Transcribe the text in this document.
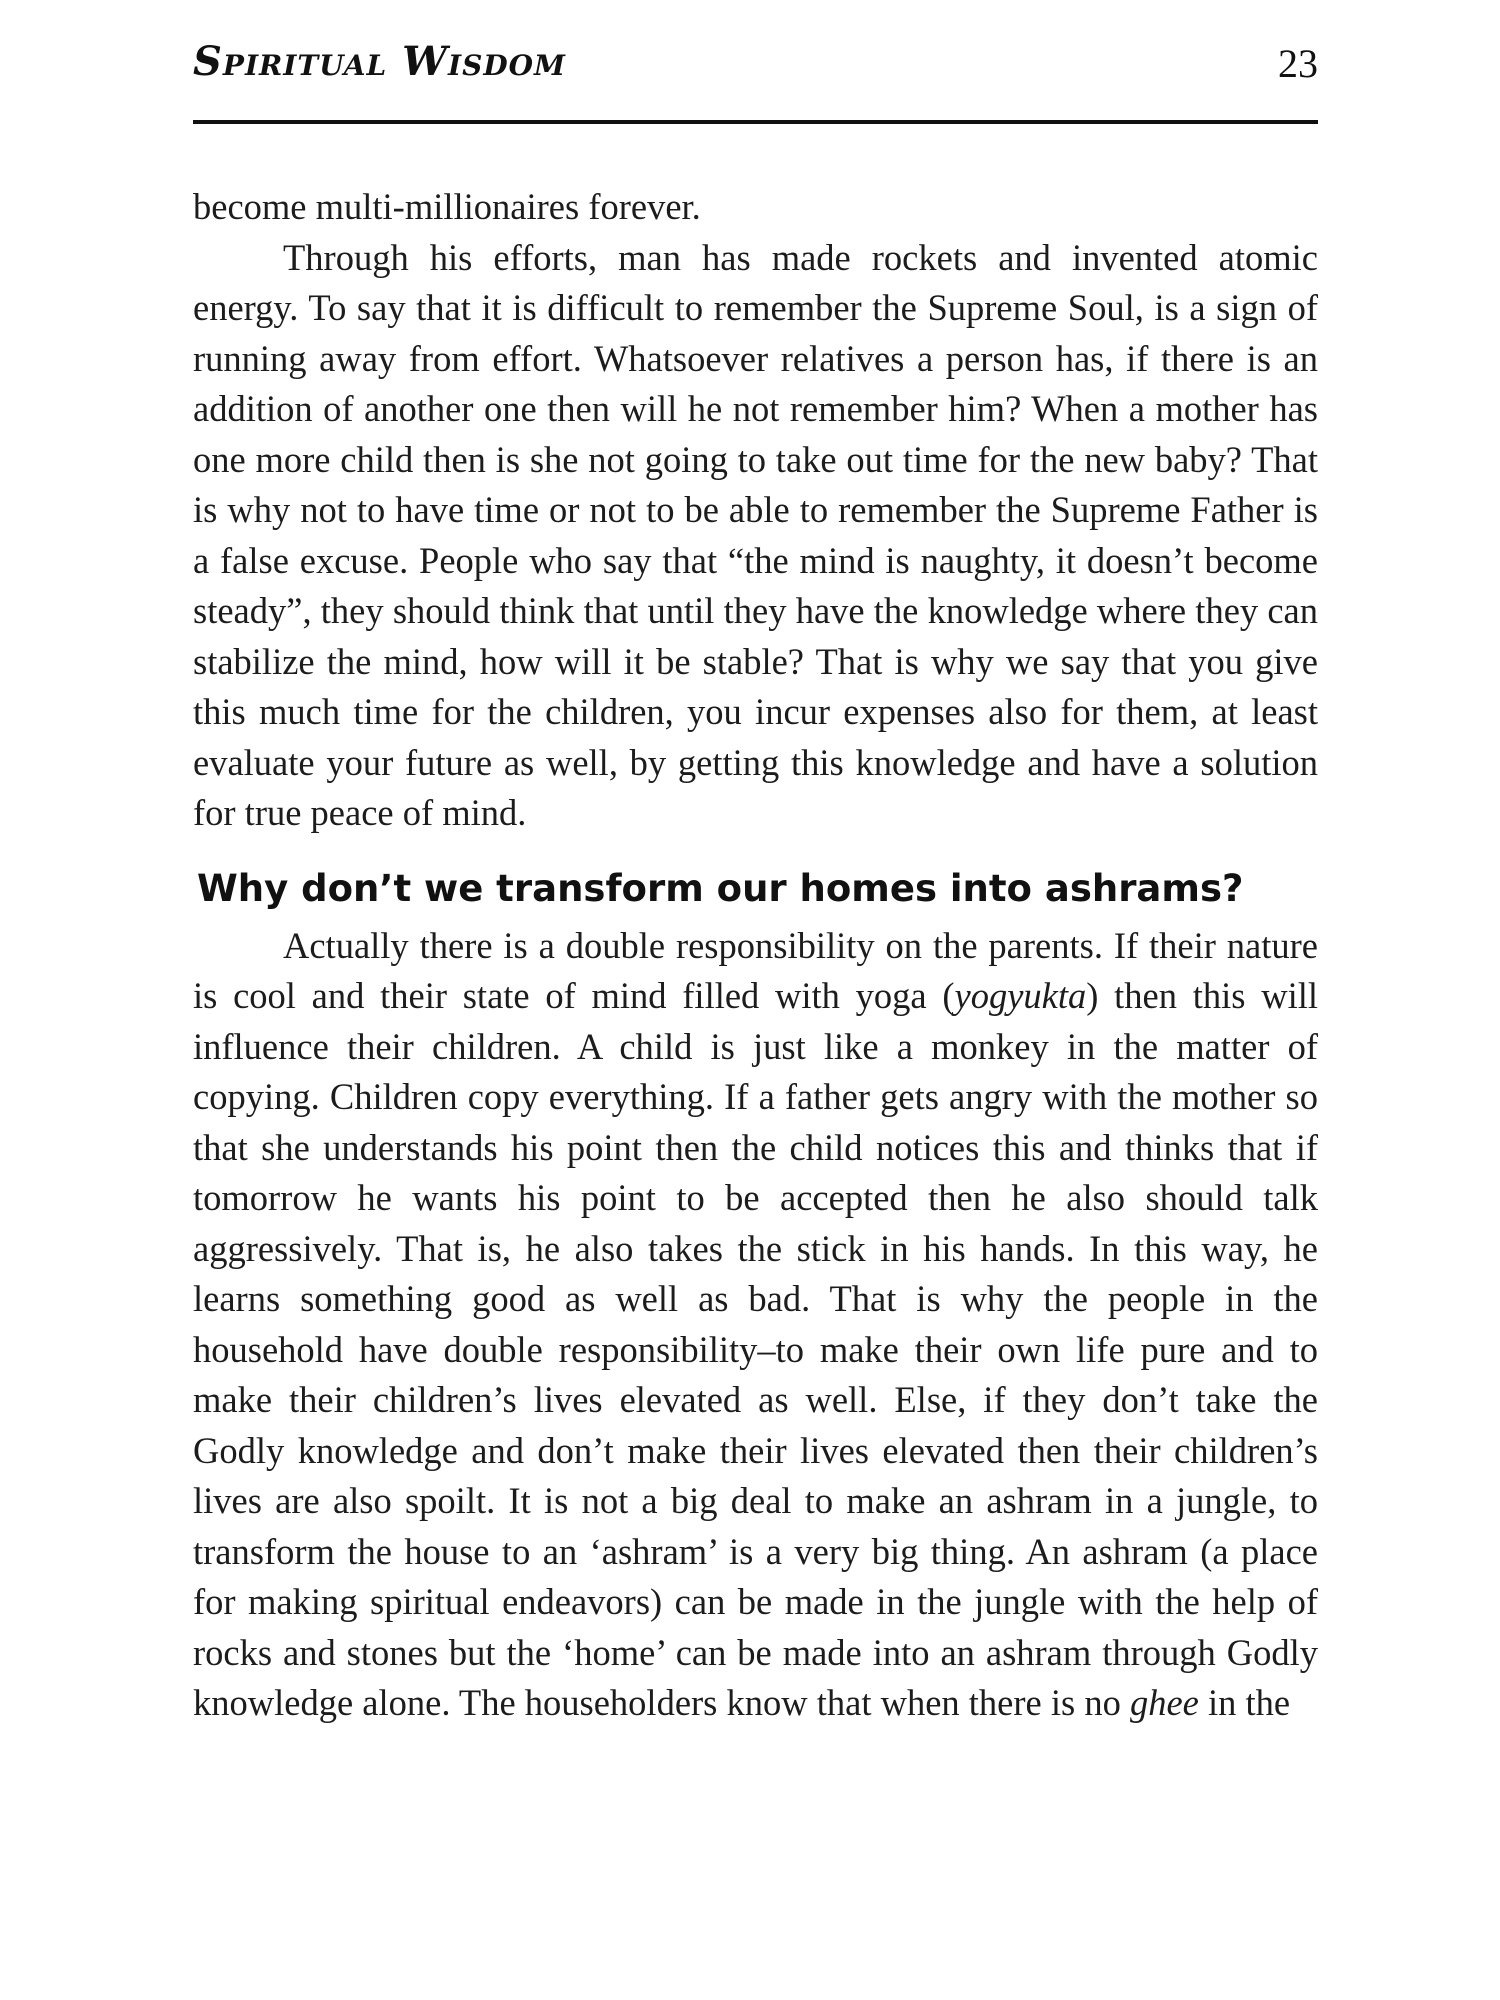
Spiritual Wisdom	23

become multi-millionaires forever.

Through his efforts, man has made rockets and invented atomic energy. To say that it is difficult to remember the Supreme Soul, is a sign of running away from effort. Whatsoever relatives a person has, if there is an addition of another one then will he not remember him? When a mother has one more child then is she not going to take out time for the new baby? That is why not to have time or not to be able to remember the Supreme Father is a false excuse. People who say that “the mind is naughty, it doesn’t become steady”, they should think that until they have the knowledge where they can stabilize the mind, how will it be stable? That is why we say that you give this much time for the children, you incur expenses also for them, at least evaluate your future as well, by getting this knowledge and have a solution for true peace of mind.

Why don’t we transform our homes into ashrams?

Actually there is a double responsibility on the parents. If their nature is cool and their state of mind filled with yoga (yogyukta) then this will influence their children. A child is just like a monkey in the matter of copying. Children copy everything. If a father gets angry with the mother so that she understands his point then the child notices this and thinks that if tomorrow he wants his point to be accepted then he also should talk aggressively. That is, he also takes the stick in his hands. In this way, he learns something good as well as bad. That is why the people in the household have double responsibility–to make their own life pure and to make their children’s lives elevated as well. Else, if they don’t take the Godly knowledge and don’t make their lives elevated then their children’s lives are also spoilt. It is not a big deal to make an ashram in a jungle, to transform the house to an ‘ashram’ is a very big thing. An ashram (a place for making spiritual endeavors) can be made in the jungle with the help of rocks and stones but the ‘home’ can be made into an ashram through Godly knowledge alone. The householders know that when there is no ghee in the
